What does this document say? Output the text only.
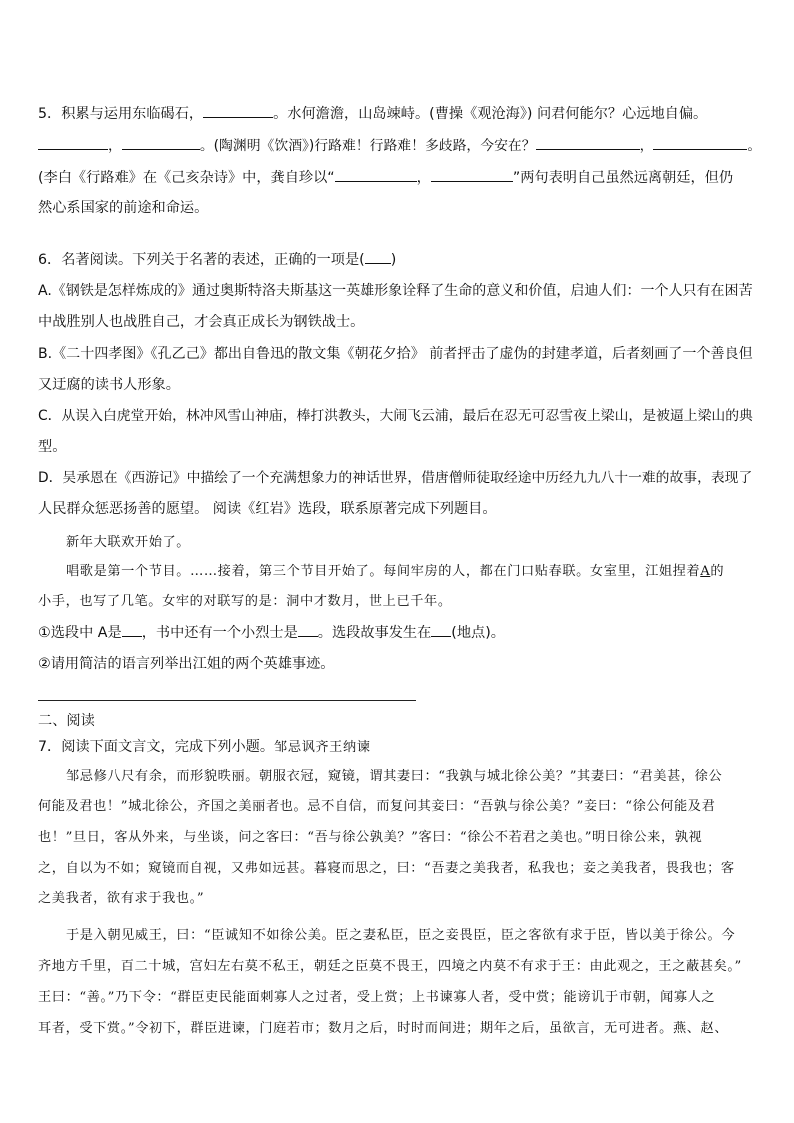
5．积累与运用东临碣石，	。水何澹澹，山岛竦峙。(曹操《观沧海》) 问君何能尔？心远地自偏。
，	。(陶渊明《饮酒》)行路难！行路难！多歧路，今安在？	，	。
(李白《行路难》在《己亥杂诗》中，龚自珍以“	，	”两句表明自己虽然远离朝廷，但仍
然心系国家的前途和命运。
6．名著阅读。下列关于名著的表述，正确的一项是( )
A.《钢铁是怎样炼成的》通过奥斯特洛夫斯基这一英雄形象诠释了生命的意义和价值，启迪人们：一个人只有在困苦
中战胜别人也战胜自己，才会真正成长为钢铁战士。
B.《二十四孝图》《孔乙己》都出自鲁迅的散文集《朝花夕拾》 前者抨击了虚伪的封建孝道，后者刻画了一个善良但
又迂腐的读书人形象。
C．从误入白虎堂开始，林冲风雪山神庙，棒打洪教头，大闹飞云浦，最后在忍无可忍雪夜上梁山，是被逼上梁山的典
型。
D．吴承恩在《西游记》中描绘了一个充满想象力的神话世界，借唐僧师徒取经途中历经九九八十一难的故事，表现了
人民群众惩恶扬善的愿望。 阅读《红岩》选段，联系原著完成下列题目。
新年大联欢开始了。
唱歌是第一个节目。……接着，第三个节目开始了。每间牢房的人，都在门口贴春联。女室里，江姐捏着A的
小手，也写了几笔。女牢的对联写的是：洞中才数月，世上已千年。
①选段中 A是 ，书中还有一个小烈士是 。选段故事发生在 (地点)。
②请用简洁的语言列举出江姐的两个英雄事迹。
二、阅读
7．阅读下面文言文，完成下列小题。邹忌讽齐王纳谏
邹忌修八尺有余，而形貌昳丽。朝服衣冠，窥镜，谓其妻曰：“我孰与城北徐公美？”其妻曰：“君美甚，徐公
何能及君也！”城北徐公，齐国之美丽者也。忌不自信，而复问其妾曰：“吾孰与徐公美？”妾曰：“徐公何能及君
也！”旦日，客从外来，与坐谈，问之客曰：“吾与徐公孰美？”客曰：“徐公不若君之美也。”明日徐公来，孰视
之，自以为不如；窥镜而自视，又弗如远甚。暮寝而思之，曰：“吾妻之美我者，私我也；妾之美我者，畏我也；客
之美我者，欲有求于我也。”
于是入朝见威王，曰：“臣诚知不如徐公美。臣之妻私臣，臣之妾畏臣，臣之客欲有求于臣，皆以美于徐公。今
齐地方千里，百二十城，宫妇左右莫不私王，朝廷之臣莫不畏王，四境之内莫不有求于王：由此观之，王之蔽甚矣。”
王曰：“善。”乃下令：“群臣吏民能面刺寡人之过者，受上赏；上书谏寡人者，受中赏；能谤讥于市朝，闻寡人之
耳者，受下赏。”令初下，群臣进谏，门庭若市；数月之后，时时而间进；期年之后，虽欲言，无可进者。燕、赵、
